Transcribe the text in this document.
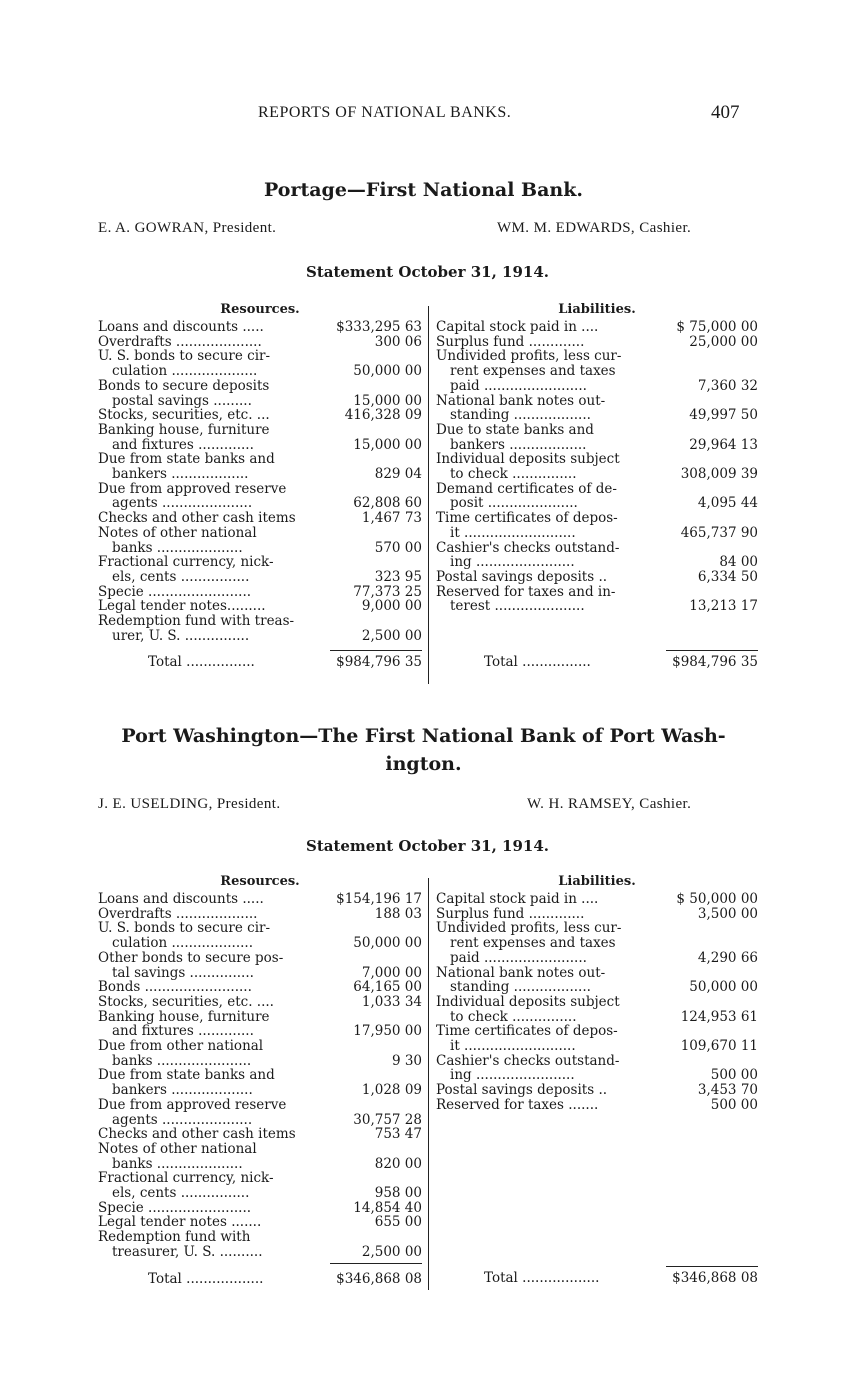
REPORTS OF NATIONAL BANKS.	407
Portage—First National Bank.
E. A. GOWRAN, President.	WM. M. EDWARDS, Cashier.
Statement October 31, 1914.
Resources.
Loans and discounts .....	$333,295 63
Overdrafts ....................	300 06
U. S. bonds to secure cir-
culation ....................	50,000 00
Bonds to secure deposits
postal savings .........	15,000 00
Stocks, securities, etc. ...	416,328 09
Banking house, furniture
and fixtures .............	15,000 00
Due from state banks and
bankers ..................	829 04
Due from approved reserve
agents .....................	62,808 60
Checks and other cash items	1,467 73
Notes of other national
banks ....................	570 00
Fractional currency, nick-
els, cents ................	323 95
Specie ........................	77,373 25
Legal tender notes.........	9,000 00
Redemption fund with treas-
urer, U. S. ...............	2,500 00
Total ................	$984,796 35
Liabilities.
Capital stock paid in ....	$ 75,000 00
Surplus fund .............	25,000 00
Undivided profits, less cur-
rent expenses and taxes
paid ........................	7,360 32
National bank notes out-
standing ..................	49,997 50
Due to state banks and
bankers ..................	29,964 13
Individual deposits subject
to check ...............	308,009 39
Demand certificates of de-
posit .....................	4,095 44
Time certificates of depos-
it ..........................	465,737 90
Cashier's checks outstand-
ing .......................	84 00
Postal savings deposits ..	6,334 50
Reserved for taxes and in-
terest .....................	13,213 17
Total ................	$984,796 35
Port Washington—The First National Bank of Port Wash-
ington.
J. E. USELDING, President.	W. H. RAMSEY, Cashier.
Statement October 31, 1914.
Resources.
Loans and discounts .....	$154,196 17
Overdrafts ...................	188 03
U. S. bonds to secure cir-
culation ...................	50,000 00
Other bonds to secure pos-
tal savings ...............	7,000 00
Bonds .........................	64,165 00
Stocks, securities, etc. ....	1,033 34
Banking house, furniture
and fixtures .............	17,950 00
Due from other national
banks ......................	9 30
Due from state banks and
bankers ...................	1,028 09
Due from approved reserve
agents .....................	30,757 28
Checks and other cash items	753 47
Notes of other national
banks ....................	820 00
Fractional currency, nick-
els, cents ................	958 00
Specie ........................	14,854 40
Legal tender notes .......	655 00
Redemption fund with
treasurer, U. S. ..........	2,500 00
Total ..................	$346,868 08
Liabilities.
Capital stock paid in ....	$ 50,000 00
Surplus fund .............	3,500 00
Undivided profits, less cur-
rent expenses and taxes
paid ........................	4,290 66
National bank notes out-
standing ..................	50,000 00
Individual deposits subject
to check ...............	124,953 61
Time certificates of depos-
it ..........................	109,670 11
Cashier's checks outstand-
ing .......................	500 00
Postal savings deposits ..	3,453 70
Reserved for taxes .......	500 00
Total ..................	$346,868 08
